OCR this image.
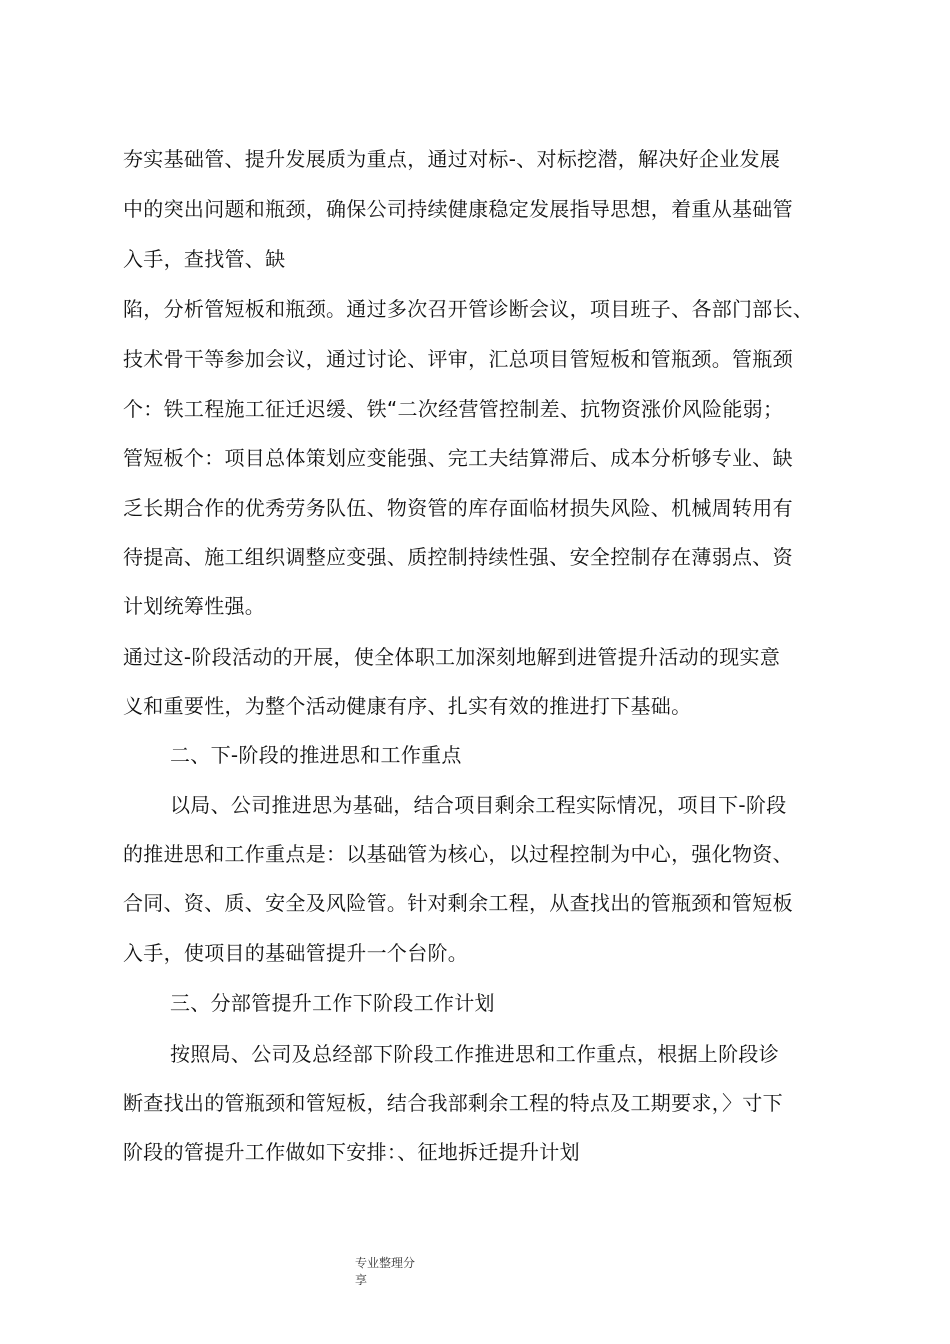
夯实基础管、提升发展质为重点，通过对标-、对标挖潜，解决好企业发展
中的突出问题和瓶颈，确保公司持续健康稳定发展指导思想，着重从基础管
入手，查找管、缺
陷，分析管短板和瓶颈。通过多次召开管诊断会议，项目班子、各部门部长、
技术骨干等参加会议，通过讨论、评审，汇总项目管短板和管瓶颈。管瓶颈
个：铁工程施工征迁迟缓、铁“二次经营管控制差、抗物资涨价风险能弱；
管短板个：项目总体策划应变能强、完工夫结算滞后、成本分析够专业、缺
乏长期合作的优秀劳务队伍、物资管的库存面临材损失风险、机械周转用有
待提高、施工组织调整应变强、质控制持续性强、安全控制存在薄弱点、资
计划统筹性强。
通过这-阶段活动的开展，使全体职工加深刻地解到进管提升活动的现实意
义和重要性，为整个活动健康有序、扎实有效的推进打下基础。
二、下-阶段的推进思和工作重点
以局、公司推进思为基础，结合项目剩余工程实际情况，项目下-阶段
的推进思和工作重点是：以基础管为核心，以过程控制为中心，强化物资、
合同、资、质、安全及风险管。针对剩余工程，从查找出的管瓶颈和管短板
入手，使项目的基础管提升一个台阶。
三、分部管提升工作下阶段工作计划
按照局、公司及总经部下阶段工作推进思和工作重点，根据上阶段诊
断查找出的管瓶颈和管短板，结合我部剩余工程的特点及工期要求，〉寸下
阶段的管提升工作做如下安排：、征地拆迁提升计划
专业整理分
享
